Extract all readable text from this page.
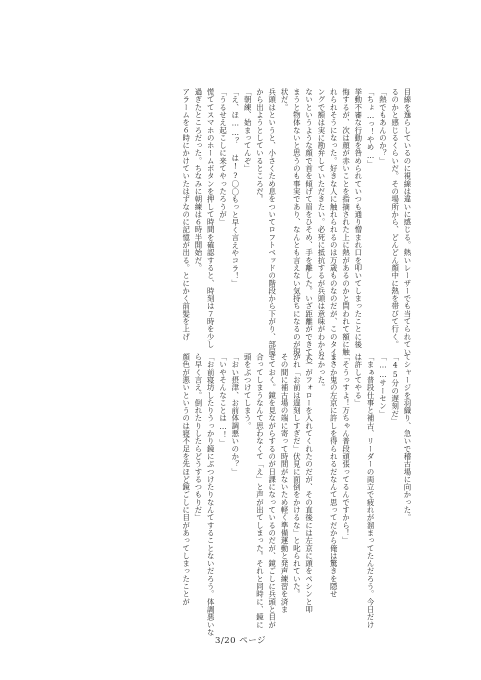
目線を逸らしているのに視線は違いに感じる。熱いレーザーでも当てられてい
るのかと感じるくらいだ。その場所から、どんどん顔中に熱を帯びて行く。
「熱でもあんのか？」
「ちょ…っ！やめ…」
挙動不審な行動を咎められていつも通り憎まれ口を叩いてしまったことに後
悔するが、次は顔が赤いことを指摘された上に熱があるのかと問われて額に触
れられそうになった。好きな人に触れられるのは万歳ものなのだが、このタイミ
ングで額は実に勘弁していただきたい。必死に抵抗するが兵頭は意味がわから
ないというような顔で首を傾げて眉をひそめ、手を離した。いざ距離ができてし
まうと物体ないと思うのも事実であり、なんとも言えない気持ちになるのが現
状だ。
兵頭はというと、小さくため息をついてロフトベッドの階段から下がり、部屋
から出ようとしているところだ。
「朝練、始まってんぞ」
「え、ほ……？ は!?〇〇もっと早く言えやコラ！」
「うるせえ起こしに来てやったろうが」
慌ててスマホのホームボタンを押して時間を確認すると、時刻は７時を少し
過ぎたところだった。ちなみに朝練は６時半開始だ。
アラームを６時にかけていたはずなのに記憶が出る。とにかく前髪を上げ
てシャージを羽織り、急いで稽古場に向かった。
「45分の遅刻だ」
「……サーセン」
「まぁ普段仕事と補古、リーダーの両立で疲れが溜まってたんだろう。今日だけ
は許してやる」
「そうっすよ！万ちゃん普段頑張ってるんですから！」
まさか鬼の左京に許しを得られるだなんて思ってだから俺は驚きを隠せ
なかった。
太一がフォローを入れてくれたのだが、その直後には左京に頭をペシンと叩
かれ「お前は遅刻しすぎだ」伏見に面倒をかけるな」と叱られていた。
その間に補古場の端に寄って時間がないため軽く準備運動と発声練習を済ま
せておく。鏡を見ながらするのが日課になっているのだが、鏡ごしに兵頭と目が
合ってしまうなんて思わなくて「え」と声が出てしまった。それと同時に、鏡に
頭をぶつけてしまう。
「おい摂津、お前体調悪いのか？」
「いやそんなことは…！」
「お前寝坊したりうっかり鏡にぶつけたりなんてすることないだろう。体調悪いな
ら早く言え。倒れたりしたらどうするつもりだ」
顔色が悪いというのは寝不足を先ほど鏡ごしに目があってしまったことが
3/20 ページ
